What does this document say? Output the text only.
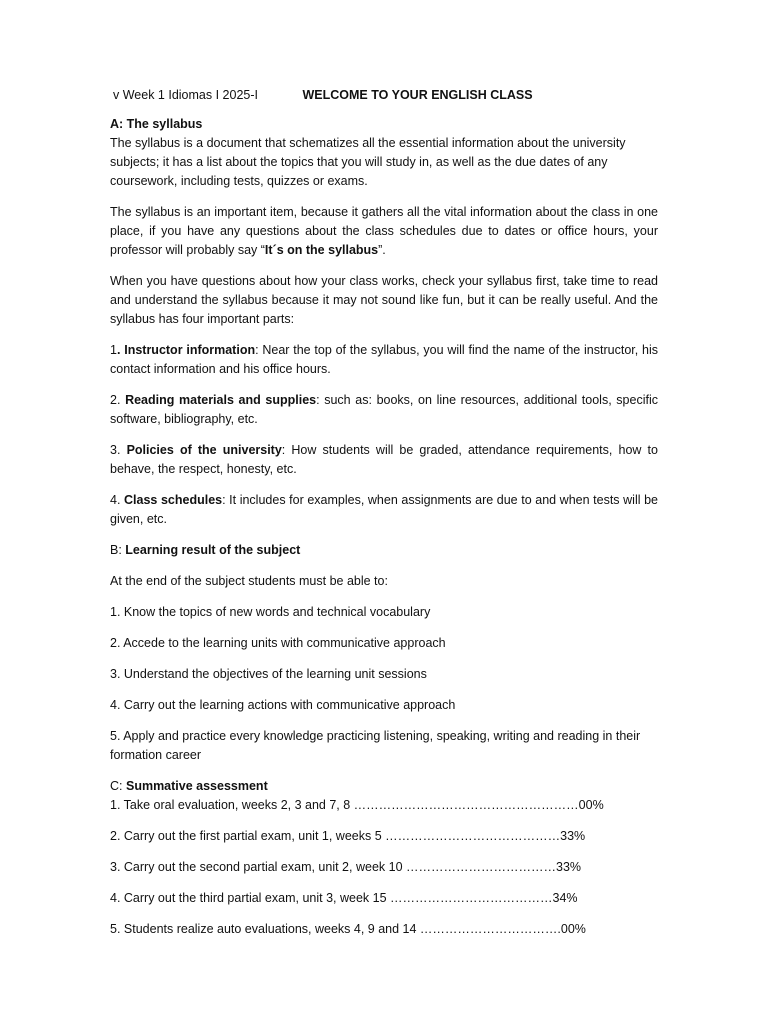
v Week 1 Idiomas I 2025-I	WELCOME TO YOUR ENGLISH CLASS

A: The syllabus

The syllabus is a document that schematizes all the essential information about the university subjects; it has a list about the topics that you will study in, as well as the due dates of any coursework, including tests, quizzes or exams.

The syllabus is an important item, because it gathers all the vital information about the class in one place, if you have any questions about the class schedules due to dates or office hours, your professor will probably say “It´s on the syllabus”.

When you have questions about how your class works, check your syllabus first, take time to read and understand the syllabus because it may not sound like fun, but it can be really useful. And the syllabus has four important parts:

1. Instructor information: Near the top of the syllabus, you will find the name of the instructor, his contact information and his office hours.

2. Reading materials and supplies: such as: books, on line resources, additional tools, specific software, bibliography, etc.

3. Policies of the university: How students will be graded, attendance requirements, how to behave, the respect, honesty, etc.

4. Class schedules: It includes for examples, when assignments are due to and when tests will be given, etc.

B: Learning result of the subject

At the end of the subject students must be able to:

1. Know the topics of new words and technical vocabulary

2. Accede to the learning units with communicative approach

3. Understand the objectives of the learning unit sessions

4. Carry out the learning actions with communicative approach

5. Apply and practice every knowledge practicing listening, speaking, writing and reading in their formation career

C: Summative assessment

1. Take oral evaluation, weeks 2, 3 and 7, 8 ………………………………………………00%

2. Carry out the first partial exam, unit 1, weeks 5 ……………………………………33%

3. Carry out the second partial exam, unit 2, week 10 ………………………………33%

4. Carry out the third partial exam, unit 3, week 15 …………………………………34%

5. Students realize auto evaluations, weeks 4, 9 and 14 …………………………….00%
